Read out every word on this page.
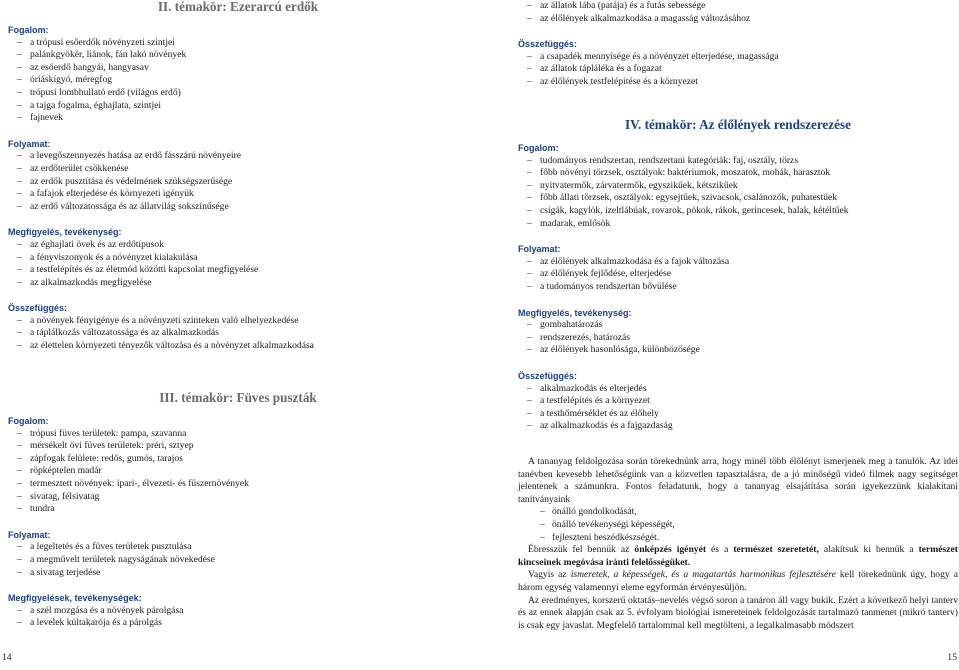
II. témakör: Ezerarcú erdők
Fogalom:
– a trópusi esőerdők növényzeti szintjei
– palánkgyökér, liánok, fán lakó növények
– az esőerdő hangyái, hangyasav
– óriáskígyó, méregfog
– trópusi lombhullató erdő (világos erdő)
– a tajga fogalma, éghajlata, szintjei
– fajnevek
Folyamat:
– a levegőszennyezés hatása az erdő fásszárú növényeire
– az erdőterület csökkenése
– az erdők pusztítása és védelmének szükségszerűsége
– a fafajok elterjedése és környezeti igényük
– az erdő változatossága és az állatvilág sokszínűsége
Megfigyelés, tevékenység:
– az éghajlati övek és az erdőtípusok
– a fényviszonyok és a növényzet kialakulása
– a testfelépítés és az életmód közötti kapcsolat megfigyelése
– az alkalmazkodás megfigyelése
Összefüggés:
– a növények fényigénye és a növényzeti szinteken való elhelyezkedése
– a táplálkozás változatossága és az alkalmazkodás
– az élettelen környezeti tényezők változása és a növényzet alkalmazkodása
III. témakör: Füves puszták
Fogalom:
– trópusi füves területek: pampa, szavanna
– mérsékelt övi füves területek: préri, sztyep
– zápfogak felülete: redős, gumós, tarajos
– röpképtelen madár
– termesztett növények: ipari-, élvezeti- és fűszernövények
– sivatag, félsivatag
– tundra
Folyamat:
– a legeltetés és a füves területek pusztulása
– a megművelt területek nagyságának növekedése
– a sivatag terjedése
Megfigyelések, tevékenységek:
– a szél mozgása és a növények párolgása
– a levelek kültakarója és a párolgás
– az állatok lába (patája) és a futás sebessége
– az élőlények alkalmazkodása a magasság változásához
Összefüggés:
– a csapadék mennyisége és a növényzet elterjedése, magassága
– az állatok tápláléka és a fogazat
– az élőlények testfelépítése és a környezet
IV. témakör: Az élőlények rendszerezése
Fogalom:
– tudományos rendszertan, rendszertani kategóriák: faj, osztály, törzs
– főbb növényi törzsek, osztályok: baktériumok, moszatok, mohák, harasztok
– nyitvatermők, zárvatermők, egyszikűek, kétszikűek
– főbb állati törzsek, osztályok: egysejtűek, szivacsok, csalánozók, puhatestűek
– csigák, kagylók, ízeltlábúak, rovarok, pókok, rákok, gerincesek, halak, kétéltűek
– madarak, emlősök
Folyamat:
– az élőlények alkalmazkodása és a fajok változása
– az élőlények fejlődése, elterjedése
– a tudományos rendszertan bővülése
Megfigyelés, tevékenység:
– gombahatározás
– rendszerezés, határozás
– az élőlények hasonlósága, különbözősége
Összefüggés:
– alkalmazkodás és elterjedés
– a testfelépítés és a környezet
– a testhőmérséklet és az élőhely
– az alkalmazkodás és a fajgazdaság

A tananyag feldolgozása során törekednünk arra, hogy minél több élőlényt ismerjenek meg a tanulók. Az idei tanévben kevesebb lehetőségünk van a közvetlen tapasztalásra, de a jó minőségű videó filmek nagy segítséget jelentenek a számunkra. Fontos feladatunk, hogy a tananyag elsajátítása során igyekezzünk kialakítani tanítványaink

– önálló gondolkodását,
– önálló tevékenységi képességét,
– fejleszteni beszédkészségét.

Ébresszük fel bennük az önképzés igényét és a természet szeretetét, alakítsuk ki bennük a természet kincseinek megóvása iránti felelősségüket.

Vagyis az ismeretek, a képességek, és a magatartás harmonikus fejlesztésére kell törekednünk úgy, hogy a három egység valamennyi eleme egyformán érvényesüljön.

Az eredményes, korszerű oktatás–nevelés végső soron a tanáron áll vagy bukik. Ezért a következő helyi tanterv és az ennek alapján csak az 5. évfolyam biológiai ismereteinek feldolgozását tartalmazó tanmenet (mikró tanterv) is csak egy javaslat. Megfelelő tartalommal kell megtölteni, a legalkalmasabb módszert

14	15
